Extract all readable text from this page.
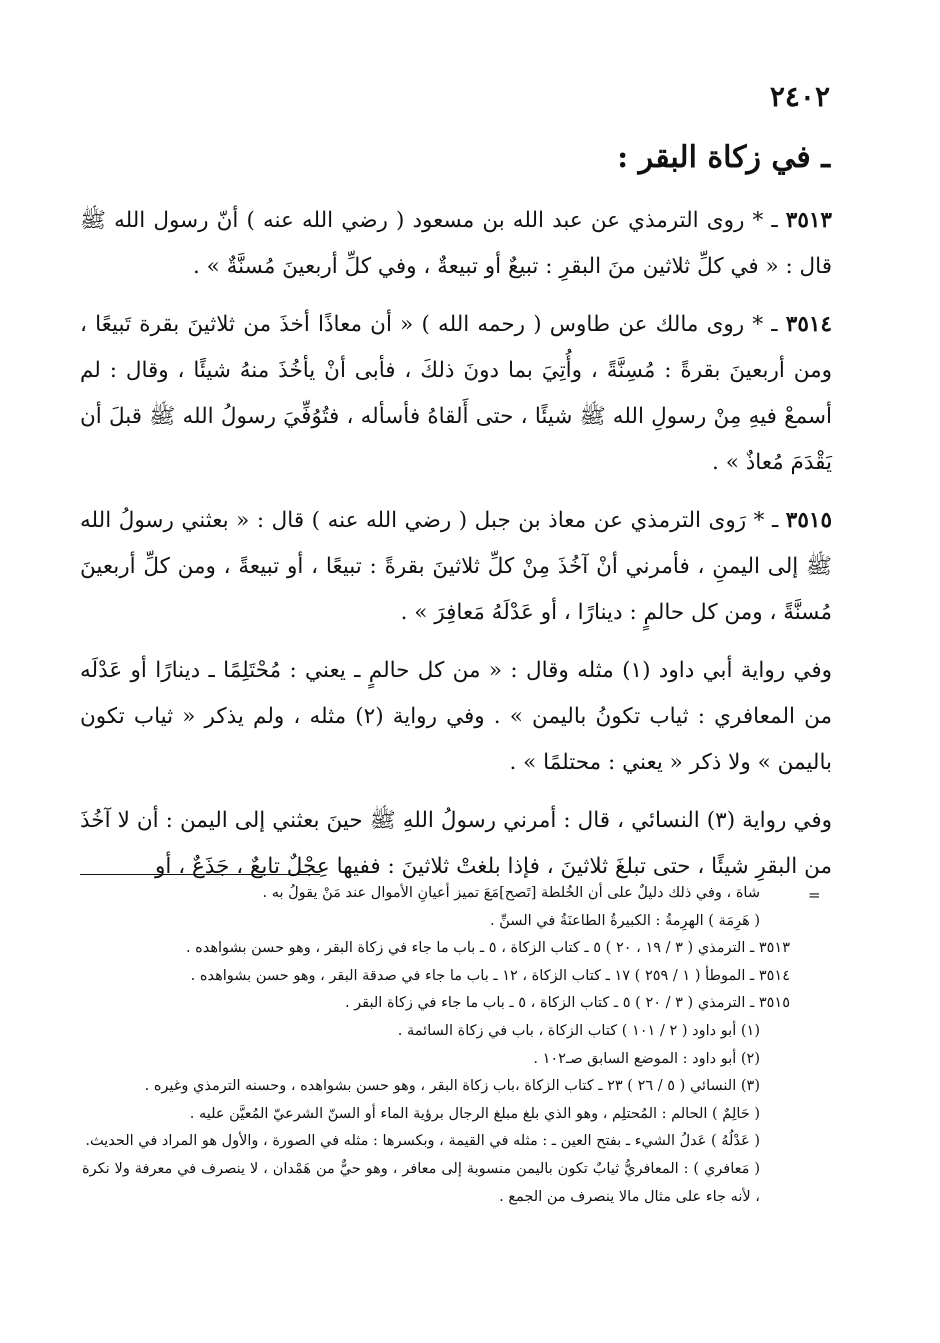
٢٤٠٢
ـ في زكاة البقر :

٣٥١٣ ـ * روى الترمذي عن عبد الله بن مسعود ( رضي الله عنه ) أنّ رسول الله ﷺ قال : « في كلِّ ثلاثين منَ البقرِ : تبيعٌ أو تبيعةٌ ، وفي كلِّ أربعينَ مُسنَّةٌ » .

٣٥١٤ ـ * روى مالك عن طاوس ( رحمه الله ) « أن معاذًا أخذَ من ثلاثينَ بقرة تَبيعًا ، ومن أربعينَ بقرةً : مُسِنَّةً ، وأُتِيَ بما دونَ ذلكَ ، فأبى أنْ يأخُذَ منهُ شيئًا ، وقال : لم أسمعْ فيهِ مِنْ رسولِ الله ﷺ شيئًا ، حتى أَلقاهُ فأسأله ، فتُوُفِّيَ رسولُ الله ﷺ قبلَ أن يَقْدَمَ مُعاذٌ » .

٣٥١٥ ـ * رَوى الترمذي عن معاذ بن جبل ( رضي الله عنه ) قال : « بعثني رسولُ الله ﷺ إلى اليمنِ ، فأمرني أنْ آخُذَ مِنْ كلِّ ثلاثينَ بقرةً : تبيعًا ، أو تبيعةً ، ومن كلِّ أربعينَ مُسنَّةً ، ومن كل حالمٍ : دينارًا ، أو عَدْلَهُ مَعافِرَ » .

وفي رواية أبي داود (١) مثله وقال : « من كل حالمٍ ـ يعني : مُحْتَلِمًا ـ دينارًا أو عَدْلَه من المعافري : ثياب تكونُ باليمن » . وفي رواية (٢) مثله ، ولم يذكر « ثياب تكون باليمن » ولا ذكر « يعني : محتلمًا » .

وفي رواية (٣) النسائي ، قال : أمرني رسولُ اللهِ ﷺ حينَ بعثني إلى اليمن : أن لا آخُذَ من البقرِ شيئًا ، حتى تبلغَ ثلاثينَ ، فإذا بلغتْ ثلاثينَ : ففيها عِجْلٌ تابعٌ ، جَذَعٌ ، أو

=

شاة ، وفي ذلك دليلٌ على أن الخُلطة [تَصح]مَعَ تميز أعيانِ الأموال عند مَنْ يقولُ به .

( هَرِمَة ) الهرِمةُ : الكبيرةُ الطاعنَةُ في السنِّ .

٣٥١٣ ـ الترمذي ( ٣ / ١٩ ، ٢٠ ) ٥ ـ كتاب الزكاة ، ٥ ـ باب ما جاء في زكاة البقر ، وهو حسن بشواهده .

٣٥١٤ ـ الموطأ ( ١ / ٢٥٩ ) ١٧ ـ كتاب الزكاة ، ١٢ ـ باب ما جاء في صدقة البقر ، وهو حسن بشواهده .

٣٥١٥ ـ الترمذي ( ٣ / ٢٠ ) ٥ ـ كتاب الزكاة ، ٥ ـ باب ما جاء في زكاة البقر .

(١) أبو داود ( ٢ / ١٠١ ) كتاب الزكاة ، باب في زكاة السائمة .

(٢) أبو داود : الموضع السابق صـ١٠٢ .

(٣) النسائي ( ٥ / ٢٦ ) ٢٣ ـ كتاب الزكاة ،باب زكاة البقر ، وهو حسن بشواهده ، وحسنه الترمذي وغيره .

( حَالِمٌ ) الحالم : المُحتلِم ، وهو الذي بلغ مبلغ الرجال برؤية الماء أو السنّ الشرعيّ المُعيَّن عليه .

( عَدْلُهُ ) عَدلُ الشيء ـ بفتح العين ـ : مثله في القيمة ، وبكسرها : مثله في الصورة ، والأول هو المراد في الحديث.

( مَعافري ) : المعافريُّ ثيابٌ تكون باليمن منسوبة إلى معافر ، وهو حيٌّ من هَمْدان ، لا ينصرف في معرفة ولا نكرة ، لأنه جاء على مثال مالا ينصرف من الجمع .
